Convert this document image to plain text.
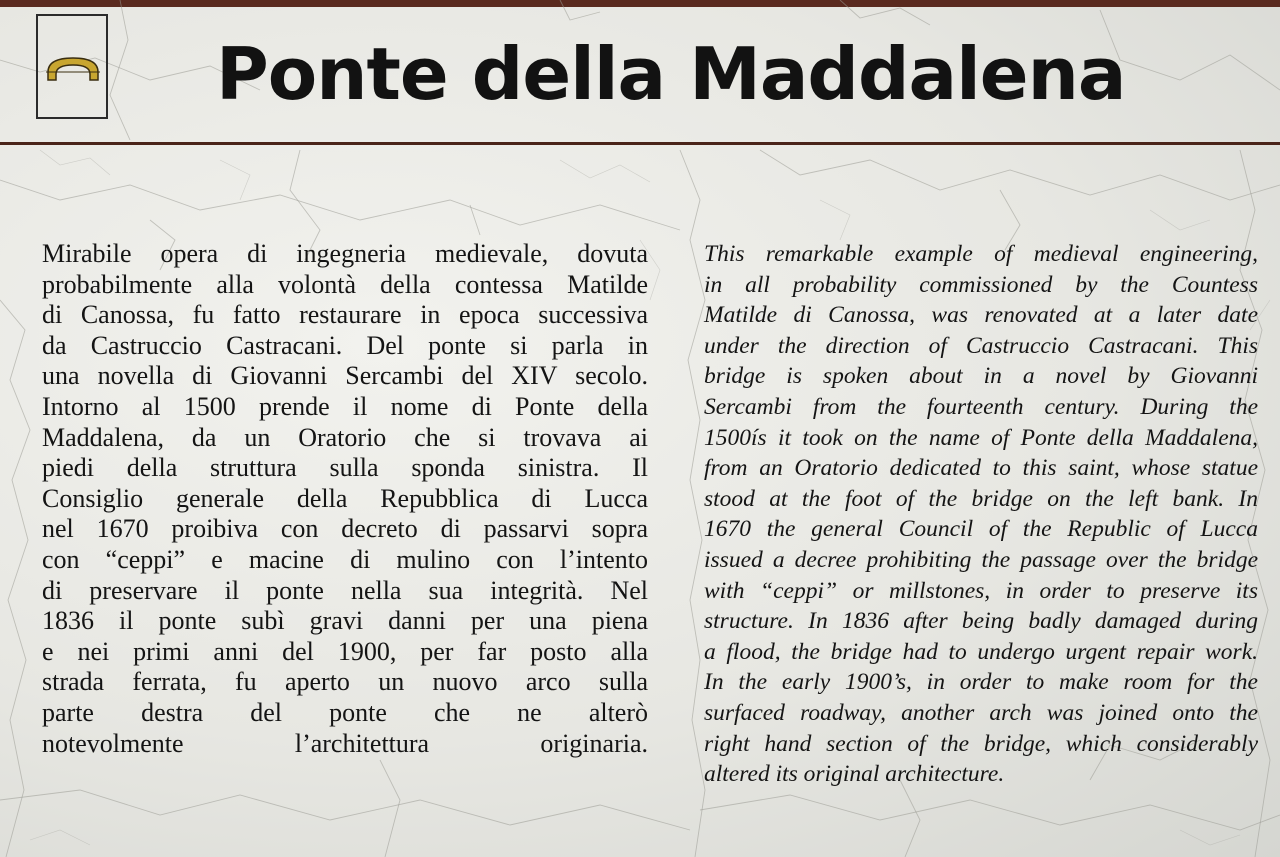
Ponte della Maddalena
Mirabile opera di ingegneria medievale, dovuta
probabilmente alla volontà della contessa Matilde
di Canossa, fu fatto restaurare in epoca successiva
da Castruccio Castracani. Del ponte si parla in
una novella di Giovanni Sercambi del XIV secolo.
Intorno al 1500 prende il nome di Ponte della
Maddalena, da un Oratorio che si trovava ai
piedi della struttura sulla sponda sinistra. Il
Consiglio generale della Repubblica di Lucca
nel 1670 proibiva con decreto di passarvi sopra
con “ceppi” e macine di mulino con l’intento
di preservare il ponte nella sua integrità. Nel
1836 il ponte subì gravi danni per una piena
e nei primi anni del 1900, per far posto alla
strada ferrata, fu aperto un nuovo arco sulla
parte destra del ponte che ne alterò
notevolmente l’architettura originaria.
This remarkable example of medieval engineering,
in all probability commissioned by the Countess
Matilde di Canossa, was renovated at a later date
under the direction of Castruccio Castracani. This
bridge is spoken about in a novel by Giovanni
Sercambi from the fourteenth century. During the
1500ís it took on the name of Ponte della Maddalena,
from an Oratorio dedicated to this saint, whose statue
stood at the foot of the bridge on the left bank. In
1670 the general Council of the Republic of Lucca
issued a decree prohibiting the passage over the bridge
with “ceppi” or millstones, in order to preserve its
structure. In 1836 after being badly damaged during
a flood, the bridge had to undergo urgent repair work.
In the early 1900’s, in order to make room for the
surfaced roadway, another arch was joined onto the
right hand section of the bridge, which considerably
altered its original architecture.
